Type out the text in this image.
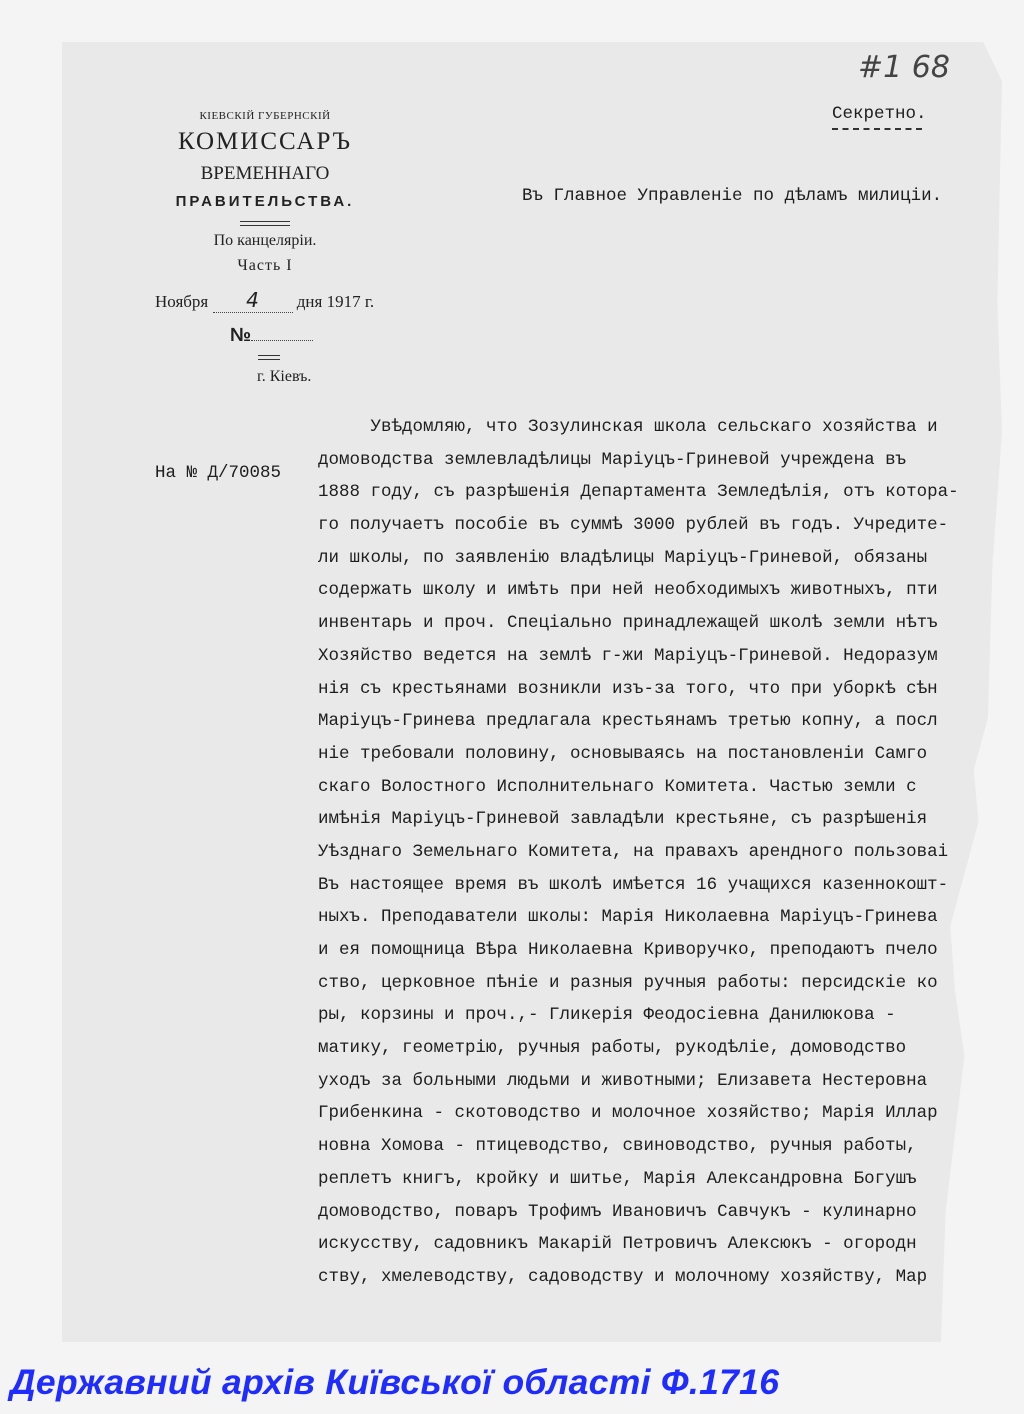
#1 68
КІЕВСКІЙ ГУБЕРНСКІЙ
КОМИССАРЪ
ВРЕМЕННАГО
ПРАВИТЕЛЬСТВА.
По канцеляріи.
Часть I
Ноября 4 дня 1917 г.
№
г. Кіевъ.
Секретно.
Въ Главное Управленіе по дѣламъ милиціи.
На № Д/70085
Увѣдомляю, что Зозулинская школа сельскаго хозяйства и
домоводства землевладѣлицы Маріуцъ-Гриневой учреждена въ
1888 году, съ разрѣшенія Департамента Земледѣлія, отъ котора-
го получаетъ пособіе въ суммѣ 3000 рублей въ годъ. Учредите-
ли школы, по заявленію владѣлицы Маріуцъ-Гриневой, обязаны
содержать школу и имѣть при ней необходимыхъ животныхъ, пти
инвентарь и проч. Спеціально принадлежащей школѣ земли нѣтъ
Хозяйство ведется на землѣ г-жи Маріуцъ-Гриневой. Недоразум
нія съ крестьянами возникли изъ-за того, что при уборкѣ сѣн
Маріуцъ-Гринева предлагала крестьянамъ третью копну, а посл
ніе требовали половину, основываясь на постановленіи Самго
скаго Волостного Исполнительнаго Комитета. Частью земли с
имѣнія Маріуцъ-Гриневой завладѣли крестьяне, съ разрѣшенія
Уѣзднаго Земельнаго Комитета, на правахъ арендного пользоваі
Въ настоящее время въ школѣ имѣется 16 учащихся казеннокошт-
ныхъ. Преподаватели школы: Марія Николаевна Маріуцъ-Гринева
и ея помощница Вѣра Николаевна Криворучко, преподаютъ пчело
ство, церковное пѣніе и разныя ручныя работы: персидскіе ко
ры, корзины и проч.,- Гликерія Феодосіевна Данилюкова -
матику, геометрію, ручныя работы, рукодѣліе, домоводство
уходъ за больными людьми и животными; Елизавета Нестеровна
Грибенкина - скотоводство и молочное хозяйство; Марія Иллар
новна Хомова - птицеводство, свиноводство, ручныя работы,
реплетъ книгъ, кройку и шитье, Марія Александровна Богушъ
домоводство, поваръ Трофимъ Ивановичъ Савчукъ - кулинарно
искусству, садовникъ Макарій Петровичъ Алексюкъ - огородн
ству, хмелеводству, садоводству и молочному хозяйству, Мар
Державний архів Київської області Ф.1716
